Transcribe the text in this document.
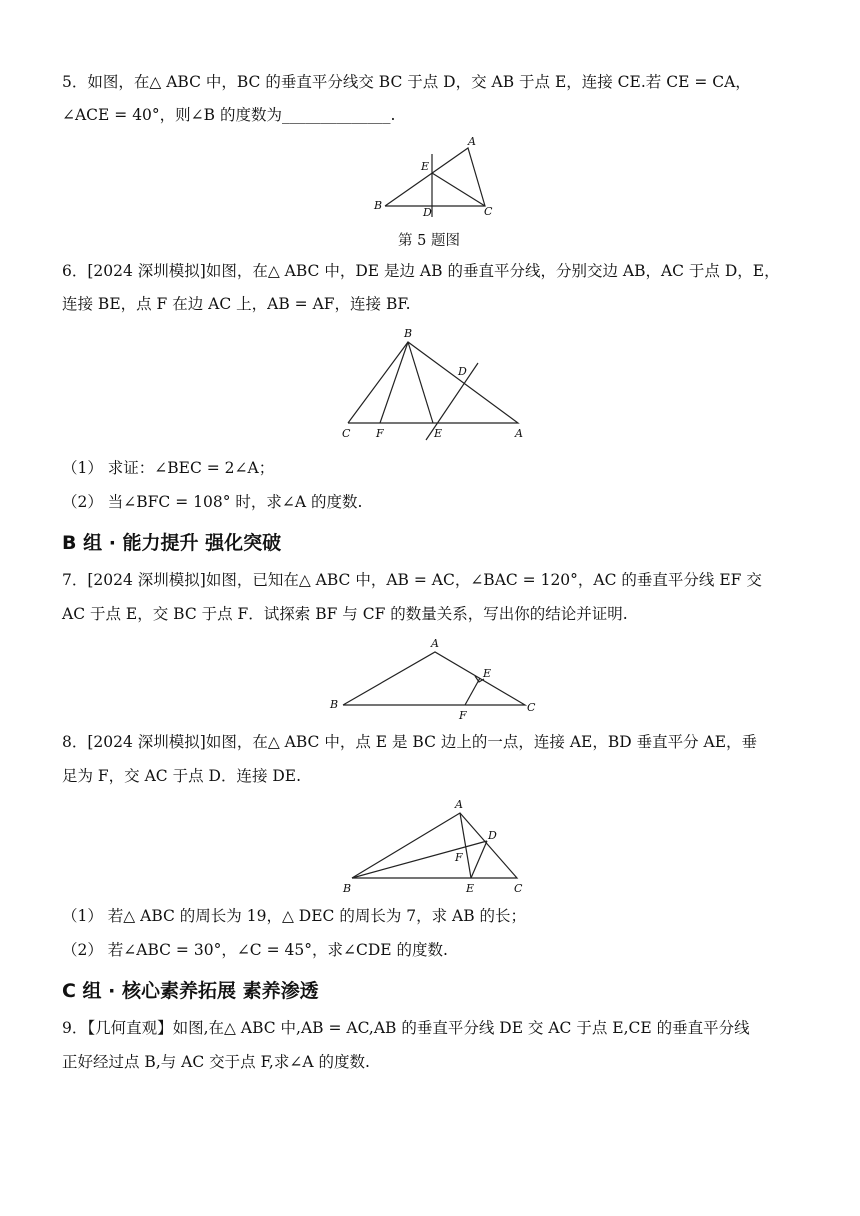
5．如图，在△ ABC 中，BC 的垂直平分线交 BC 于点 D，交 AB 于点 E，连接 CE.若 CE = CA，
∠ACE = 40°，则∠B 的度数为______________.
A
B	C
D
E
第 5 题图
6．[2024 深圳模拟]如图，在△ ABC 中，DE 是边 AB 的垂直平分线，分别交边 AB，AC 于点 D，E，
连接 BE，点 F 在边 AC 上，AB = AF，连接 BF.
B
C F	E	A
D
（1） 求证：∠BEC = 2∠A；
（2） 当∠BFC = 108° 时，求∠A 的度数.
B 组 · 能力提升 强化突破
7．[2024 深圳模拟]如图，已知在△ ABC 中，AB = AC，∠BAC = 120°，AC 的垂直平分线 EF 交
AC 于点 E，交 BC 于点 F．试探索 BF 与 CF 的数量关系，写出你的结论并证明.
A
B	C
E
F
8．[2024 深圳模拟]如图，在△ ABC 中，点 E 是 BC 边上的一点，连接 AE，BD 垂直平分 AE，垂
足为 F，交 AC 于点 D．连接 DE.
A
B	C
D
E
F
（1） 若△ ABC 的周长为 19，△ DEC 的周长为 7，求 AB 的长；
（2） 若∠ABC = 30°，∠C = 45°，求∠CDE 的度数.
C 组 · 核心素养拓展 素养渗透
9．【几何直观】如图,在△ ABC 中,AB = AC,AB 的垂直平分线 DE 交 AC 于点 E,CE 的垂直平分线
正好经过点 B,与 AC 交于点 F,求∠A 的度数.
